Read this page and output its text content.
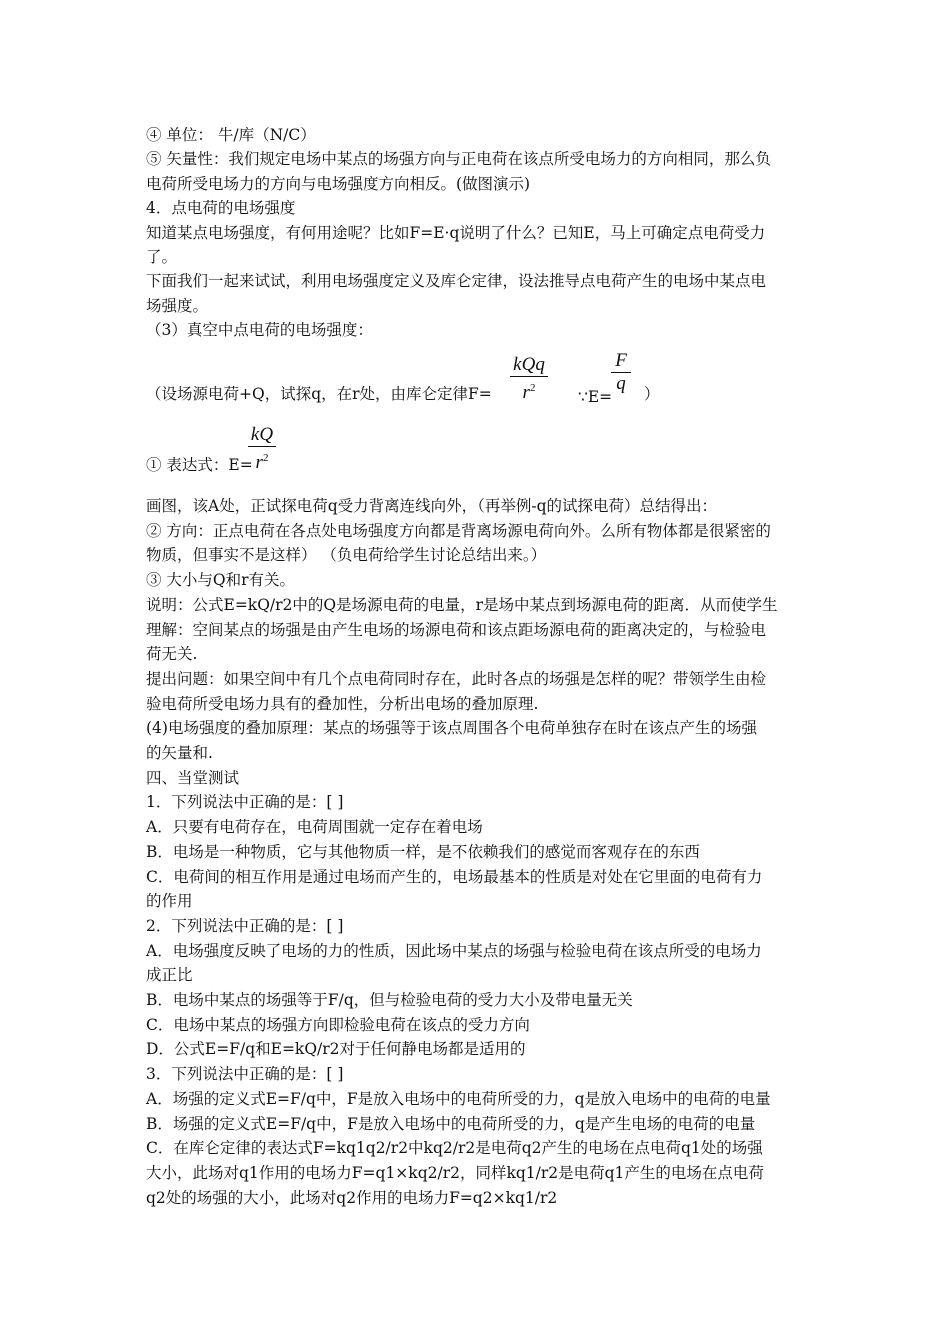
④ 单位： 牛/库（N/C）
⑤ 矢量性：我们规定电场中某点的场强方向与正电荷在该点所受电场力的方向相同，那么负
电荷所受电场力的方向与电场强度方向相反。(做图演示)
4．点电荷的电场强度
知道某点电场强度，有何用途呢？比如F=E·q说明了什么？已知E，马上可确定点电荷受力
了。
下面我们一起来试试，利用电场强度定义及库仑定律，设法推导点电荷产生的电场中某点电
场强度。
（3）真空中点电荷的电场强度：
（设场源电荷+Q，试探q，在r处，由库仑定律F=
kQq
$r^2$	∵E=
F
q	）
① 表达式：E=
kQ
$r^2$
画图，该A处，正试探电荷q受力背离连线向外，（再举例-q的试探电荷）总结得出：
② 方向：正点电荷在各点处电场强度方向都是背离场源电荷向外。么所有物体都是很紧密的
物质，但事实不是这样） （负电荷给学生讨论总结出来。）
③ 大小与Q和r有关。
说明：公式E=kQ/r2中的Q是场源电荷的电量，r是场中某点到场源电荷的距离．从而使学生
理解：空间某点的场强是由产生电场的场源电荷和该点距场源电荷的距离决定的，与检验电
荷无关.
提出问题：如果空间中有几个点电荷同时存在，此时各点的场强是怎样的呢？带领学生由检
验电荷所受电场力具有的叠加性，分析出电场的叠加原理.
(4)电场强度的叠加原理：某点的场强等于该点周围各个电荷单独存在时在该点产生的场强
的矢量和.
四、当堂测试
1．下列说法中正确的是：[ ]
A．只要有电荷存在，电荷周围就一定存在着电场
B．电场是一种物质，它与其他物质一样，是不依赖我们的感觉而客观存在的东西
C．电荷间的相互作用是通过电场而产生的，电场最基本的性质是对处在它里面的电荷有力
的作用
2．下列说法中正确的是：[ ]
A．电场强度反映了电场的力的性质，因此场中某点的场强与检验电荷在该点所受的电场力
成正比
B．电场中某点的场强等于F/q，但与检验电荷的受力大小及带电量无关
C．电场中某点的场强方向即检验电荷在该点的受力方向
D．公式E=F/q和E=kQ/r2对于任何静电场都是适用的
3．下列说法中正确的是：[ ]
A．场强的定义式E=F/q中，F是放入电场中的电荷所受的力，q是放入电场中的电荷的电量
B．场强的定义式E=F/q中，F是放入电场中的电荷所受的力，q是产生电场的电荷的电量
C．在库仑定律的表达式F=kq1q2/r2中kq2/r2是电荷q2产生的电场在点电荷q1处的场强
大小，此场对q1作用的电场力F=q1×kq2/r2，同样kq1/r2是电荷q1产生的电场在点电荷
q2处的场强的大小，此场对q2作用的电场力F=q2×kq1/r2
